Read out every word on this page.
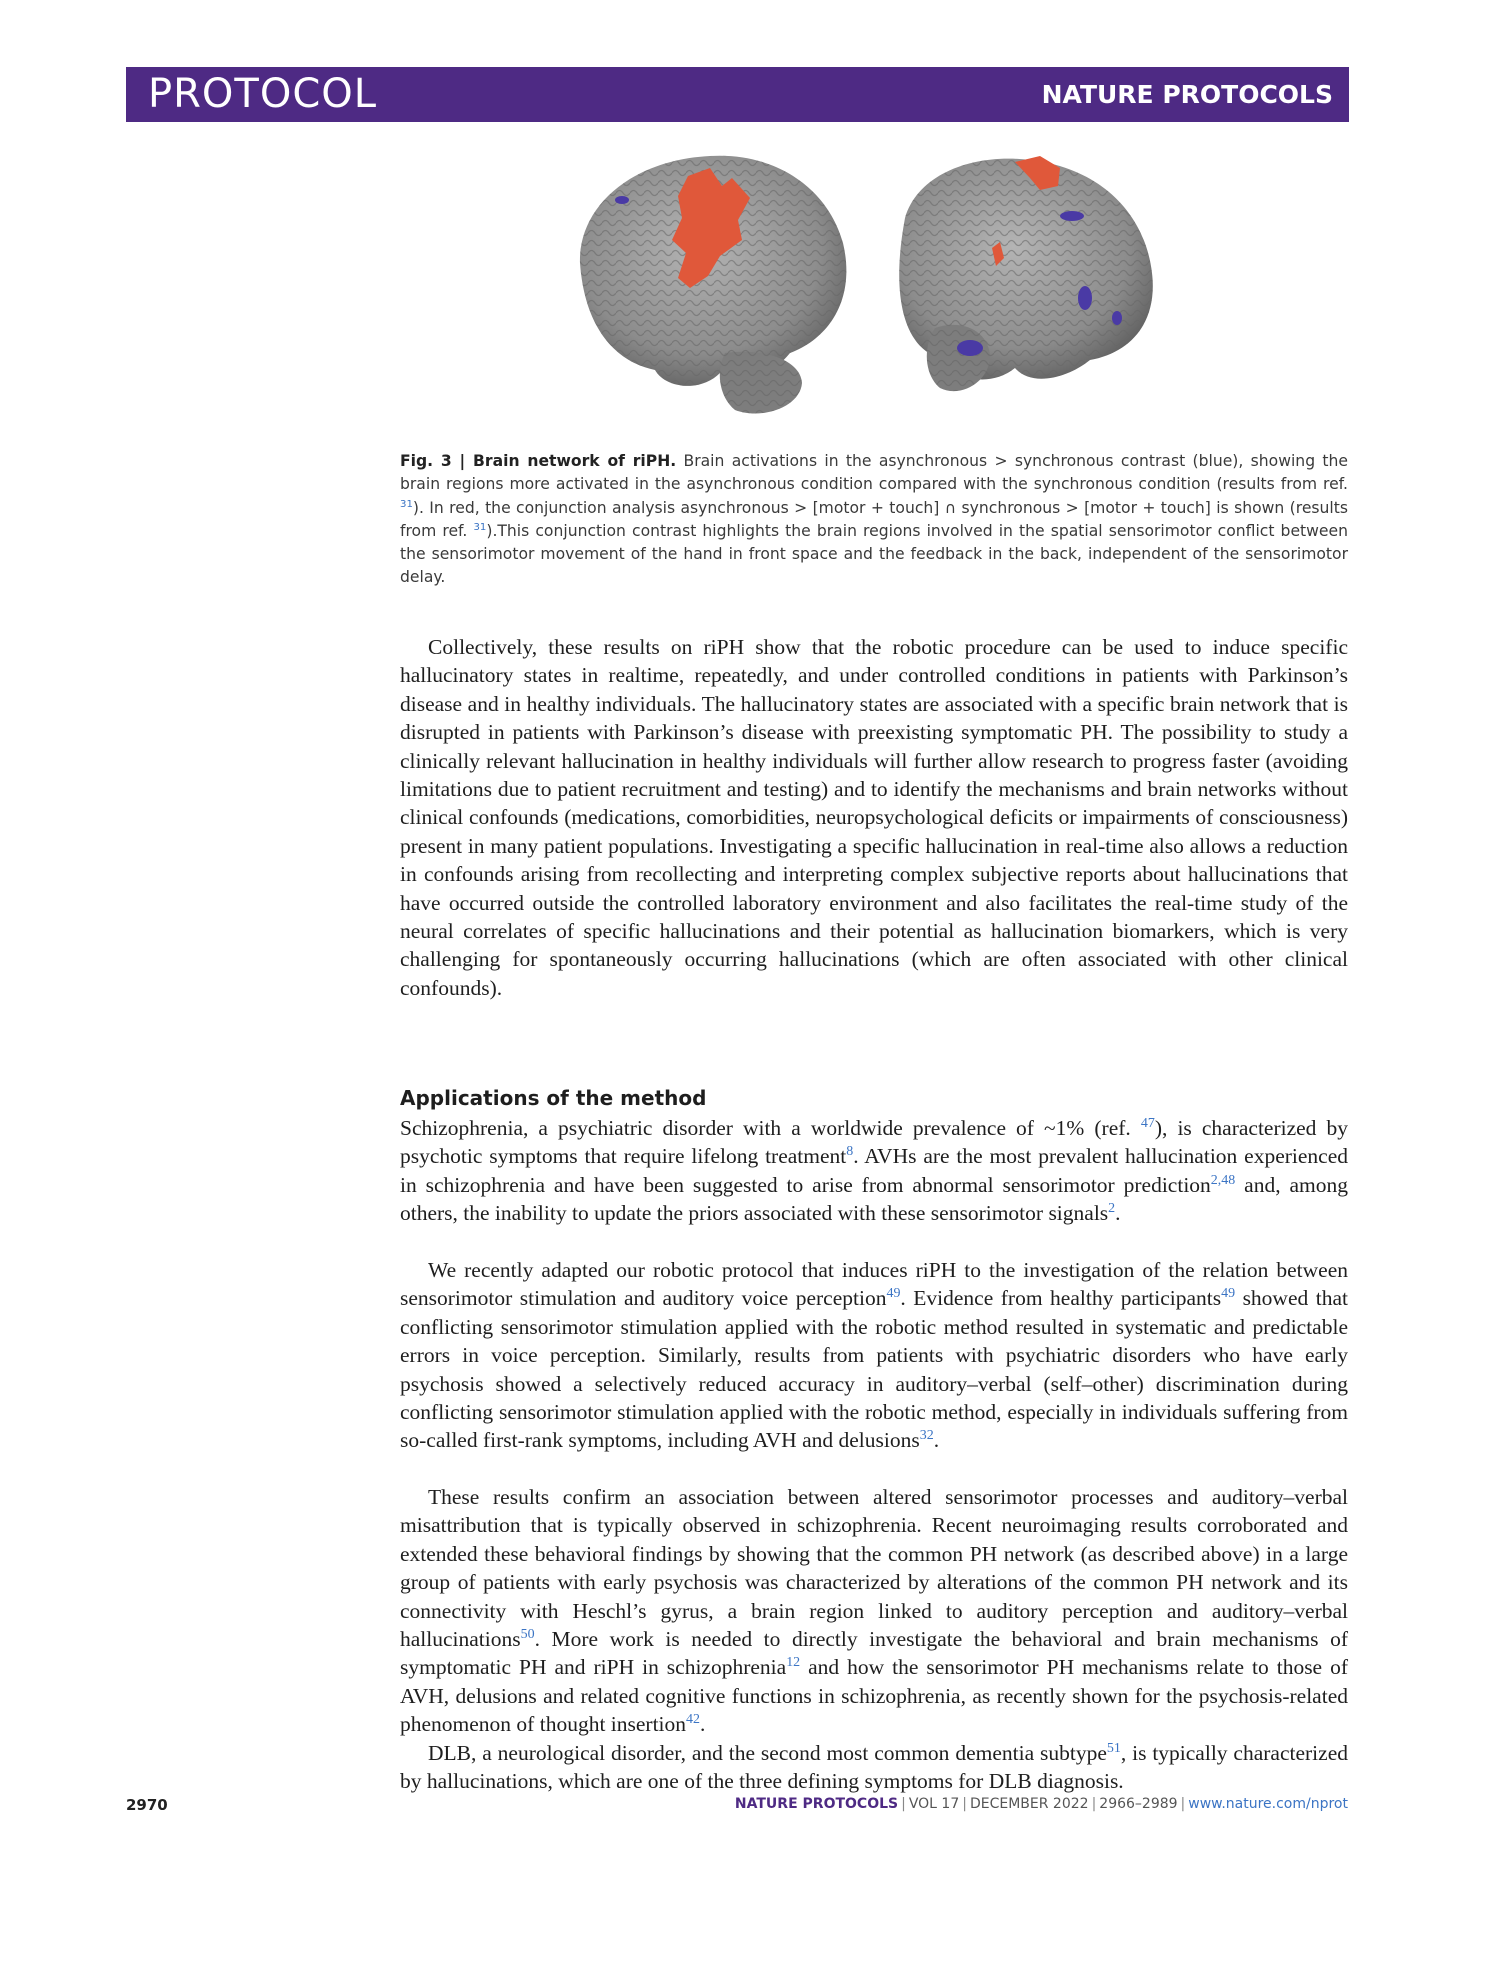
PROTOCOL	NATURE PROTOCOLS
Fig. 3 | Brain network of riPH. Brain activations in the asynchronous > synchronous contrast (blue), showing the brain regions more activated in the asynchronous condition compared with the synchronous condition (results from ref. $^{31}$). In red, the conjunction analysis asynchronous > [motor + touch] ∩ synchronous > [motor + touch] is shown (results from ref. $^{31}$).This conjunction contrast highlights the brain regions involved in the spatial sensorimotor conflict between the sensorimotor movement of the hand in front space and the feedback in the back, independent of the sensorimotor delay.

Collectively, these results on riPH show that the robotic procedure can be used to induce specific hallucinatory states in realtime, repeatedly, and under controlled conditions in patients with Parkinson’s disease and in healthy individuals. The hallucinatory states are associated with a specific brain network that is disrupted in patients with Parkinson’s disease with preexisting symptomatic PH. The possibility to study a clinically relevant hallucination in healthy individuals will further allow research to progress faster (avoiding limitations due to patient recruitment and testing) and to identify the mechanisms and brain networks without clinical confounds (medications, comorbidities, neuropsychological deficits or impairments of consciousness) present in many patient populations. Investigating a specific hallucination in real-time also allows a reduction in confounds arising from recollecting and interpreting complex subjective reports about hallucinations that have occurred outside the controlled laboratory environment and also facilitates the real-time study of the neural correlates of specific hallucinations and their potential as hallucination biomarkers, which is very challenging for spontaneously occurring hallucinations (which are often associated with other clinical confounds).

Applications of the method

Schizophrenia, a psychiatric disorder with a worldwide prevalence of ~1% (ref. $^{47}$), is characterized by psychotic symptoms that require lifelong treatment$^8$. AVHs are the most prevalent hallucination experienced in schizophrenia and have been suggested to arise from abnormal sensorimotor prediction$^{2,48}$ and, among others, the inability to update the priors associated with these sensorimotor signals$^2$.

We recently adapted our robotic protocol that induces riPH to the investigation of the relation between sensorimotor stimulation and auditory voice perception$^{49}$. Evidence from healthy participants$^{49}$ showed that conflicting sensorimotor stimulation applied with the robotic method resulted in systematic and predictable errors in voice perception. Similarly, results from patients with psychiatric disorders who have early psychosis showed a selectively reduced accuracy in auditory–verbal (self–other) discrimination during conflicting sensorimotor stimulation applied with the robotic method, especially in individuals suffering from so-called first-rank symptoms, including AVH and delusions$^{32}$.

These results confirm an association between altered sensorimotor processes and auditory–verbal misattribution that is typically observed in schizophrenia. Recent neuroimaging results corroborated and extended these behavioral findings by showing that the common PH network (as described above) in a large group of patients with early psychosis was characterized by alterations of the common PH network and its connectivity with Heschl’s gyrus, a brain region linked to auditory perception and auditory–verbal hallucinations$^{50}$. More work is needed to directly investigate the behavioral and brain mechanisms of symptomatic PH and riPH in schizophrenia$^{12}$ and how the sensorimotor PH mechanisms relate to those of AVH, delusions and related cognitive functions in schizophrenia, as recently shown for the psychosis-related phenomenon of thought insertion$^{42}$.

DLB, a neurological disorder, and the second most common dementia subtype$^{51}$, is typically characterized by hallucinations, which are one of the three defining symptoms for DLB diagnosis.

2970	NATURE PROTOCOLS | VOL 17 | DECEMBER 2022 | 2966–2989 | www.nature.com/nprot
